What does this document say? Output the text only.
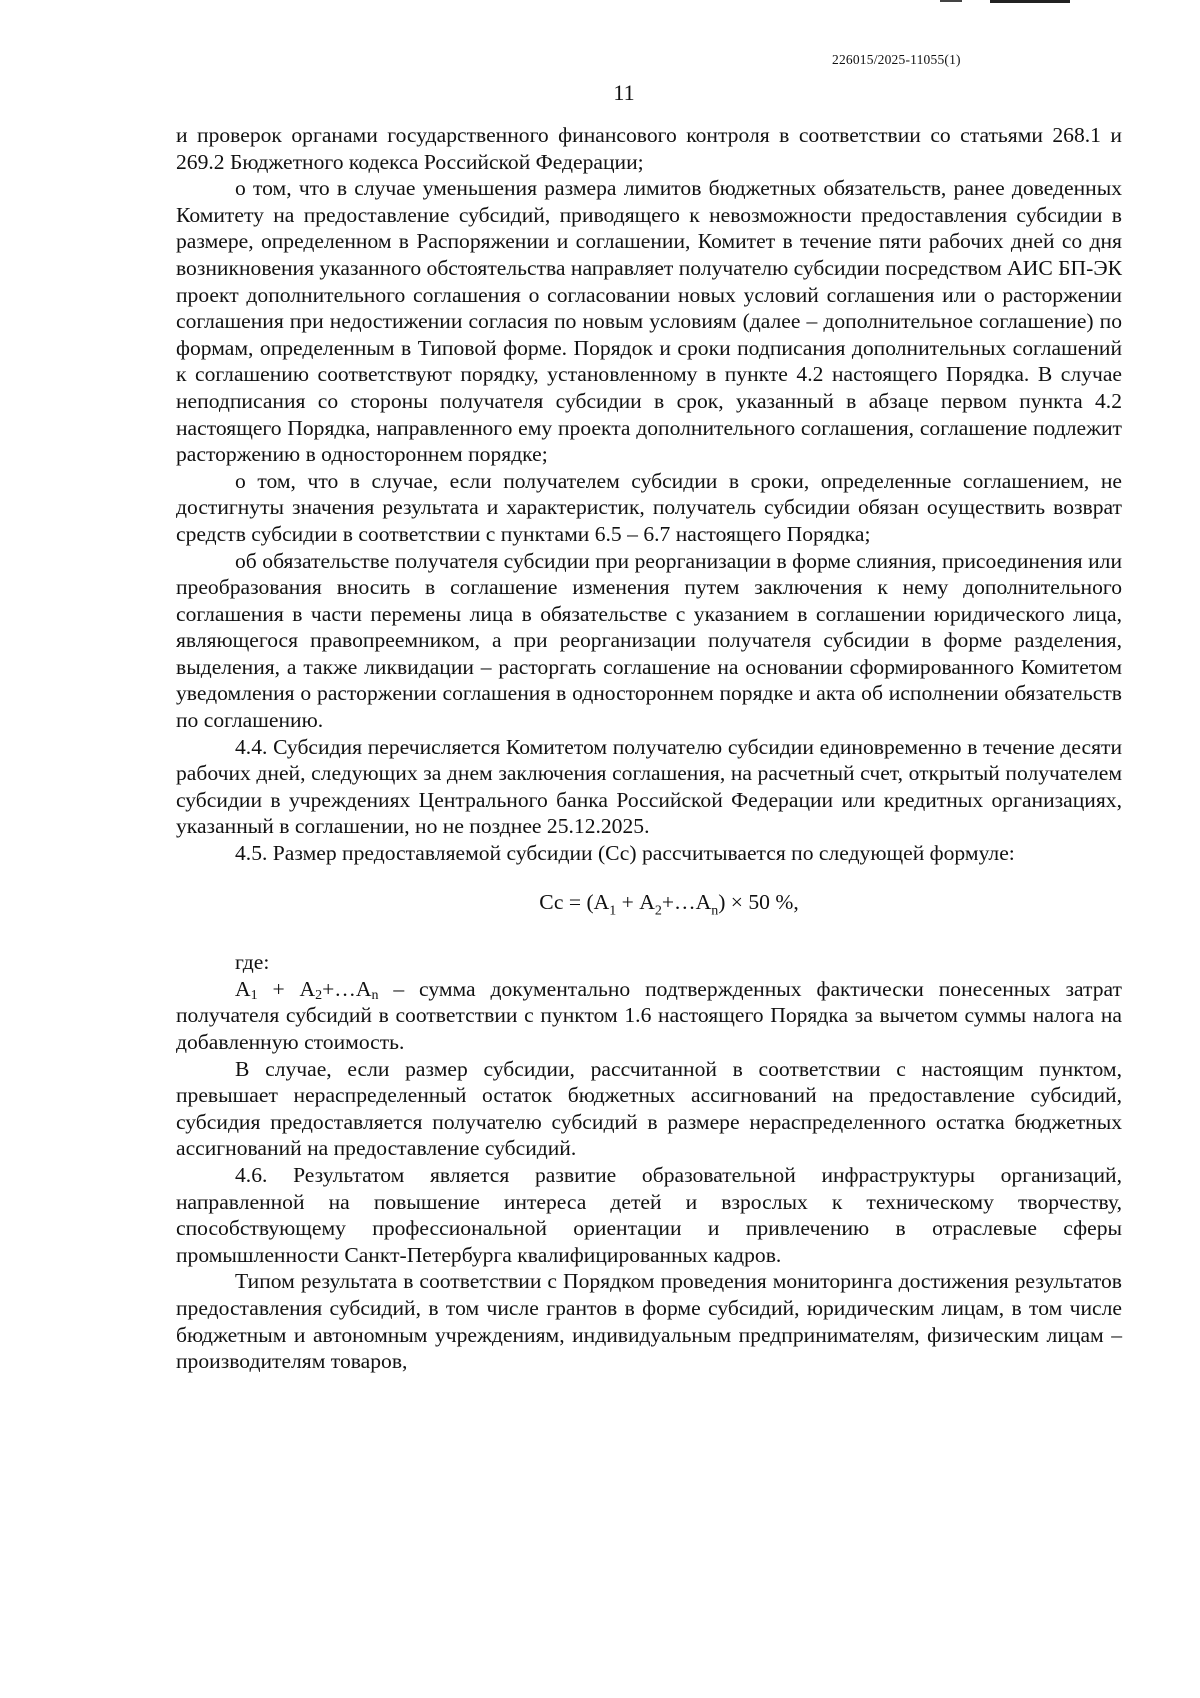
226015/2025-11055(1)
11

и проверок органами государственного финансового контроля в соответствии со статьями 268.1 и 269.2 Бюджетного кодекса Российской Федерации;

о том, что в случае уменьшения размера лимитов бюджетных обязательств, ранее доведенных Комитету на предоставление субсидий, приводящего к невозможности предоставления субсидии в размере, определенном в Распоряжении и соглашении, Комитет в течение пяти рабочих дней со дня возникновения указанного обстоятельства направляет получателю субсидии посредством АИС БП-ЭК проект дополнительного соглашения о согласовании новых условий соглашения или о расторжении соглашения при недостижении согласия по новым условиям (далее – дополнительное соглашение) по формам, определенным в Типовой форме. Порядок и сроки подписания дополнительных соглашений к соглашению соответствуют порядку, установленному в пункте 4.2 настоящего Порядка. В случае неподписания со стороны получателя субсидии в срок, указанный в абзаце первом пункта 4.2 настоящего Порядка, направленного ему проекта дополнительного соглашения, соглашение подлежит расторжению в одностороннем порядке;

о том, что в случае, если получателем субсидии в сроки, определенные соглашением, не достигнуты значения результата и характеристик, получатель субсидии обязан осуществить возврат средств субсидии в соответствии с пунктами 6.5 – 6.7 настоящего Порядка;

об обязательстве получателя субсидии при реорганизации в форме слияния, присоединения или преобразования вносить в соглашение изменения путем заключения к нему дополнительного соглашения в части перемены лица в обязательстве с указанием в соглашении юридического лица, являющегося правопреемником, а при реорганизации получателя субсидии в форме разделения, выделения, а также ликвидации – расторгать соглашение на основании сформированного Комитетом уведомления о расторжении соглашения в одностороннем порядке и акта об исполнении обязательств по соглашению.

4.4. Субсидия перечисляется Комитетом получателю субсидии единовременно в течение десяти рабочих дней, следующих за днем заключения соглашения, на расчетный счет, открытый получателем субсидии в учреждениях Центрального банка Российской Федерации или кредитных организациях, указанный в соглашении, но не позднее 25.12.2025.

4.5. Размер предоставляемой субсидии (Сс) рассчитывается по следующей формуле:

Сс = ($А_1$ + $А_2+\dots А_n) \times 50$ %,

где:

$А_1$ + $А_2+\dots А_n$ – сумма документально подтвержденных фактически понесенных затрат получателя субсидий в соответствии с пунктом 1.6 настоящего Порядка за вычетом суммы налога на добавленную стоимость.

В случае, если размер субсидии, рассчитанной в соответствии с настоящим пунктом, превышает нераспределенный остаток бюджетных ассигнований на предоставление субсидий, субсидия предоставляется получателю субсидий в размере нераспределенного остатка бюджетных ассигнований на предоставление субсидий.

4.6. Результатом является развитие образовательной инфраструктуры организаций, направленной на повышение интереса детей и взрослых к техническому творчеству, способствующему профессиональной ориентации и привлечению в отраслевые сферы промышленности Санкт-Петербурга квалифицированных кадров.

Типом результата в соответствии с Порядком проведения мониторинга достижения результатов предоставления субсидий, в том числе грантов в форме субсидий, юридическим лицам, в том числе бюджетным и автономным учреждениям, индивидуальным предпринимателям, физическим лицам – производителям товаров,
